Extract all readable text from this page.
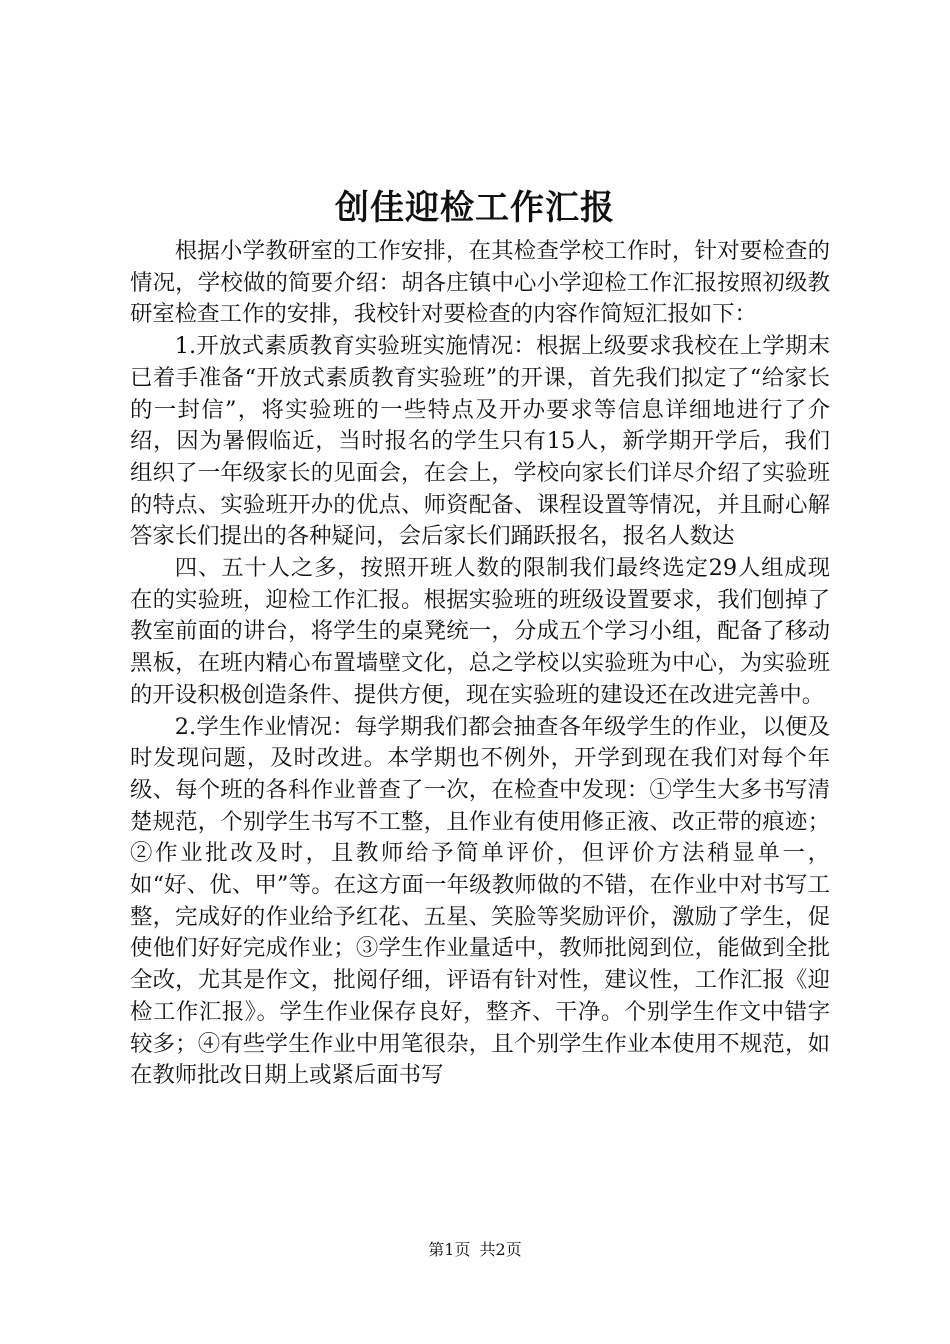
创佳迎检工作汇报

根据小学教研室的工作安排，在其检查学校工作时，针对要检查的情况，学校做的简要介绍：胡各庄镇中心小学迎检工作汇报按照初级教研室检查工作的安排，我校针对要检查的内容作简短汇报如下：

1.开放式素质教育实验班实施情况：根据上级要求我校在上学期末已着手准备“开放式素质教育实验班”的开课，首先我们拟定了“给家长的一封信”，将实验班的一些特点及开办要求等信息详细地进行了介绍，因为暑假临近，当时报名的学生只有15人，新学期开学后，我们组织了一年级家长的见面会，在会上，学校向家长们详尽介绍了实验班的特点、实验班开办的优点、师资配备、课程设置等情况，并且耐心解答家长们提出的各种疑问，会后家长们踊跃报名，报名人数达

四、五十人之多，按照开班人数的限制我们最终选定29人组成现在的实验班，迎检工作汇报。根据实验班的班级设置要求，我们刨掉了教室前面的讲台，将学生的桌凳统一，分成五个学习小组，配备了移动黑板，在班内精心布置墙壁文化，总之学校以实验班为中心，为实验班的开设积极创造条件、提供方便，现在实验班的建设还在改进完善中。

2.学生作业情况：每学期我们都会抽查各年级学生的作业，以便及时发现问题，及时改进。本学期也不例外，开学到现在我们对每个年级、每个班的各科作业普查了一次，在检查中发现：①学生大多书写清楚规范，个别学生书写不工整，且作业有使用修正液、改正带的痕迹；②作业批改及时，且教师给予简单评价，但评价方法稍显单一，如“好、优、甲”等。在这方面一年级教师做的不错，在作业中对书写工整，完成好的作业给予红花、五星、笑脸等奖励评价，激励了学生，促使他们好好完成作业；③学生作业量适中，教师批阅到位，能做到全批全改，尤其是作文，批阅仔细，评语有针对性，建议性，工作汇报《迎检工作汇报》。学生作业保存良好，整齐、干净。个别学生作文中错字较多；④有些学生作业中用笔很杂，且个别学生作业本使用不规范，如在教师批改日期上或紧后面书写

第1页 共2页
